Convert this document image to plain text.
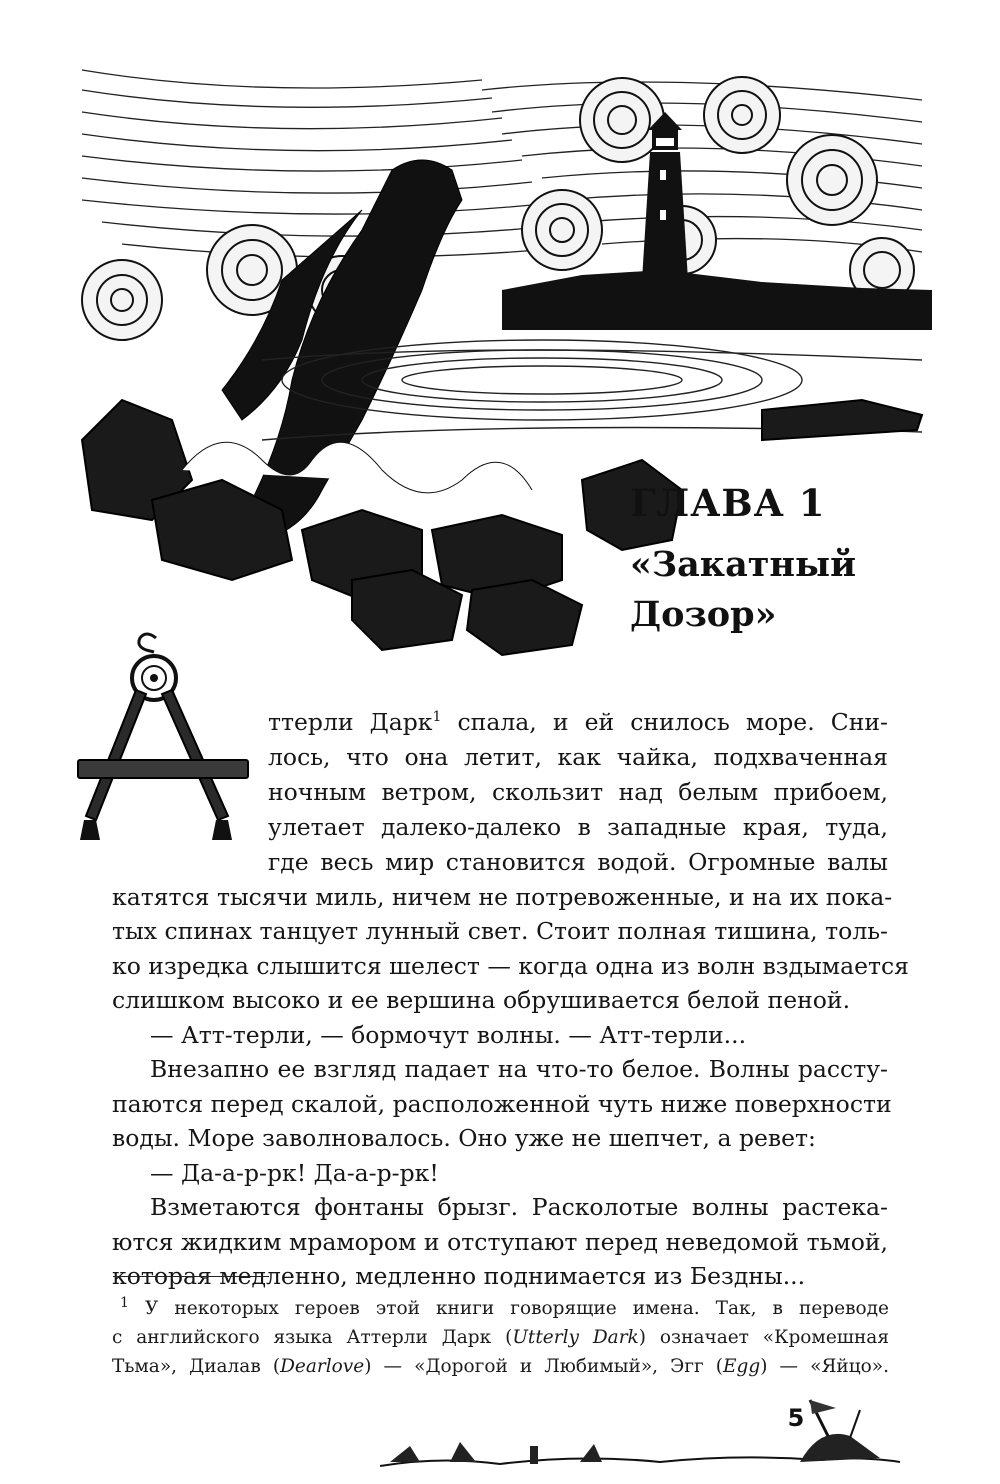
ГЛАВА 1
«Закатный
Дозор»
ттерли Дарк$^1$ спала, и ей снилось море. Сни-
лось, что она летит, как чайка, подхваченная
ночным ветром, скользит над белым прибоем,
улетает далеко-далеко в западные края, туда,
где весь мир становится водой. Огромные валы
катятся тысячи миль, ничем не потревоженные, и на их пока-
тых спинах танцует лунный свет. Стоит полная тишина, толь-
ко изредка слышится шелест — когда одна из волн вздымается
слишком высоко и ее вершина обрушивается белой пеной.
— Атт-терли, — бормочут волны. — Атт-терли...
Внезапно ее взгляд падает на что-то белое. Волны рассту-
паются перед скалой, расположенной чуть ниже поверхности
воды. Море заволновалось. Оно уже не шепчет, а ревет:
— Да-а-р-рк! Да-а-р-рк!
Взметаются фонтаны брызг. Расколотые волны растека-
ются жидким мрамором и отступают перед неведомой тьмой,
которая медленно, медленно поднимается из Бездны...
$^1$ У некоторых героев этой книги говорящие имена. Так, в переводе
с английского языка Аттерли Дарк (Utterly Dark) означает «Кромешная
Тьма», Диалав (Dearlove) — «Дорогой и Любимый», Эгг (Egg) — «Яйцо».
5
